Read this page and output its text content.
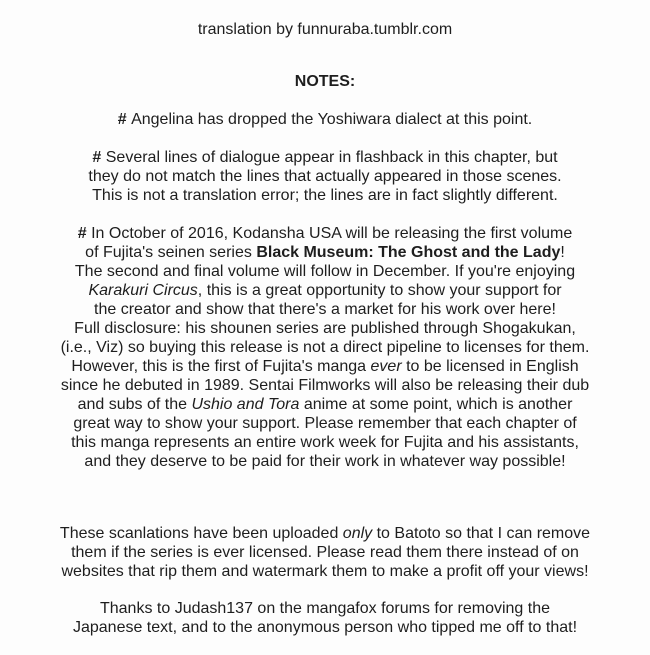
translation by funnuraba.tumblr.com
NOTES:
# Angelina has dropped the Yoshiwara dialect at this point.
# Several lines of dialogue appear in flashback in this chapter, but
they do not match the lines that actually appeared in those scenes.
This is not a translation error; the lines are in fact slightly different.
# In October of 2016, Kodansha USA will be releasing the first volume
of Fujita's seinen series Black Museum: The Ghost and the Lady!
The second and final volume will follow in December. If you're enjoying
Karakuri Circus, this is a great opportunity to show your support for
the creator and show that there's a market for his work over here!
Full disclosure: his shounen series are published through Shogakukan,
(i.e., Viz) so buying this release is not a direct pipeline to licenses for them.
However, this is the first of Fujita's manga ever to be licensed in English
since he debuted in 1989. Sentai Filmworks will also be releasing their dub
and subs of the Ushio and Tora anime at some point, which is another
great way to show your support. Please remember that each chapter of
this manga represents an entire work week for Fujita and his assistants,
and they deserve to be paid for their work in whatever way possible!
These scanlations have been uploaded only to Batoto so that I can remove
them if the series is ever licensed. Please read them there instead of on
websites that rip them and watermark them to make a profit off your views!
Thanks to Judash137 on the mangafox forums for removing the
Japanese text, and to the anonymous person who tipped me off to that!
